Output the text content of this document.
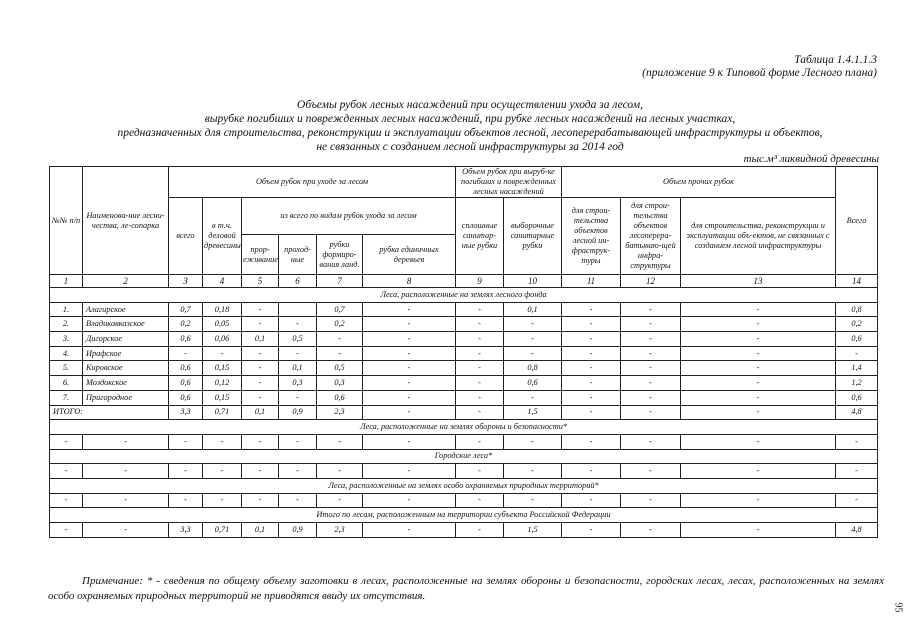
Таблица 1.4.1.1.3
(приложение 9 к Типовой форме Лесного плана)
Объемы рубок лесных насаждений при осуществлении ухода за лесом,
вырубке погибших и поврежденных лесных насаждений, при рубке лесных насаждений на лесных участках,
предназначенных для строительства, реконструкции и эксплуатации объектов лесной, лесоперерабатывающей инфраструктуры и объектов,
не связанных с созданием лесной инфраструктуры за 2014 год
тыс.м³ ликвидной древесины
№№ п/п	Наименова-ние лесни-чества, ле-сопарка	Объем рубок при уходе за лесом						Объем рубок при выруб-ке погибших и поврежденных лесных насаждений		Объем прочих рубок			Всего
		всего	в т.ч. деловой древесины	из всего по видам рубок ухода за лесом				сплошные санитар-ные рубки	выборочные санитарные рубки	для строи-тельства объектов лесной ин-фраструк-туры	для строи-тельства объектов лесоперера-батываю-щей инфра-структуры	для строительства, реконструкции и эксплуатации объ-ектов, не связанных с созданием лесной инфраструктуры	
				прор-еживание	проход-ные	рубки формиро-вания ланд.	рубка единичных деревьев						
1	2	3	4	5	6	7	8	9	10	11	12	13	14
Леса, расположенные на землях лесного фонда													
1.	Алагирское	0,7	0,18	-		0,7	-	-	0,1	-	-	-	0,8
2.	Владикавказское	0,2	0,05	-	-	0,2	-	-	-	-	-	-	0,2
3.	Дигорское	0,6	0,06	0,1	0,5	-	-	-	-	-	-	-	0,6
4.	Ирафское	-	-	-	-	-	-	-	-	-	-	-	-
5.	Кировское	0,6	0,15	-	0,1	0,5	-	-	0,8	-	-	-	1,4
6.	Моздокское	0,6	0,12	-	0,3	0,3	-	-	0,6	-	-	-	1,2
7.	Пригородное	0,6	0,15	-	-	0,6	-	-	-	-	-	-	0,6
ИТОГО:		3,3	0,71	0,1	0,9	2,3	-	-	1,5	-	-	-	4,8
Леса, расположенные на землях обороны и безопасности*													
-	-	-	-	-	-	-	-	-	-	-	-	-	-
Городские леса*													
-	-	-	-	-	-	-	-	-	-	-	-	-	-
Леса, расположенные на землях особо охраняемых природных территорий*													
-	-	-	-	-	-	-	-	-	-	-	-	-	-
Итого по лесам, расположенным на территории субъекта Российской Федерации													
-	-	3,3	0,71	0,1	0,9	2,3	-	-	1,5	-	-	-	4,8
Примечание: * - сведения по общему объему заготовки в лесах, расположенные на землях обороны и безопасности, городских лесах, лесах, расположенных на землях особо охраняемых природных территорий не приводятся ввиду их отсутствия.
95
